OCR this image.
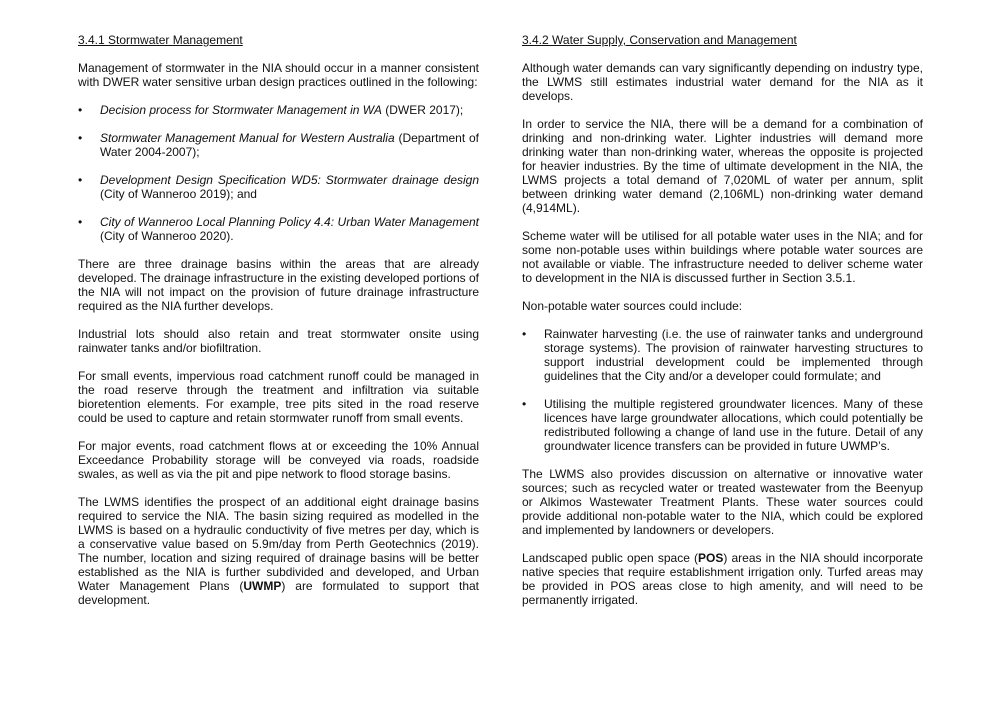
3.4.1 Stormwater Management

Management of stormwater in the NIA should occur in a manner consistent with DWER water sensitive urban design practices outlined in the following:

• Decision process for Stormwater Management in WA (DWER 2017);
• Stormwater Management Manual for Western Australia (Department of Water 2004-2007);
• Development Design Specification WD5: Stormwater drainage design (City of Wanneroo 2019); and
• City of Wanneroo Local Planning Policy 4.4: Urban Water Management (City of Wanneroo 2020).

There are three drainage basins within the areas that are already developed. The drainage infrastructure in the existing developed portions of the NIA will not impact on the provision of future drainage infrastructure required as the NIA further develops.

Industrial lots should also retain and treat stormwater onsite using rainwater tanks and/or biofiltration.

For small events, impervious road catchment runoff could be managed in the road reserve through the treatment and infiltration via suitable bioretention elements. For example, tree pits sited in the road reserve could be used to capture and retain stormwater runoff from small events.

For major events, road catchment flows at or exceeding the 10% Annual Exceedance Probability storage will be conveyed via roads, roadside swales, as well as via the pit and pipe network to flood storage basins.

The LWMS identifies the prospect of an additional eight drainage basins required to service the NIA. The basin sizing required as modelled in the LWMS is based on a hydraulic conductivity of five metres per day, which is a conservative value based on 5.9m/day from Perth Geotechnics (2019). The number, location and sizing required of drainage basins will be better established as the NIA is further subdivided and developed, and Urban Water Management Plans (UWMP) are formulated to support that development.

3.4.2 Water Supply, Conservation and Management

Although water demands can vary significantly depending on industry type, the LWMS still estimates industrial water demand for the NIA as it develops.

In order to service the NIA, there will be a demand for a combination of drinking and non-drinking water. Lighter industries will demand more drinking water than non-drinking water, whereas the opposite is projected for heavier industries. By the time of ultimate development in the NIA, the LWMS projects a total demand of 7,020ML of water per annum, split between drinking water demand (2,106ML) non-drinking water demand (4,914ML).

Scheme water will be utilised for all potable water uses in the NIA; and for some non-potable uses within buildings where potable water sources are not available or viable. The infrastructure needed to deliver scheme water to development in the NIA is discussed further in Section 3.5.1.

Non-potable water sources could include:

• Rainwater harvesting (i.e. the use of rainwater tanks and underground storage systems). The provision of rainwater harvesting structures to support industrial development could be implemented through guidelines that the City and/or a developer could formulate; and
• Utilising the multiple registered groundwater licences. Many of these licences have large groundwater allocations, which could potentially be redistributed following a change of land use in the future. Detail of any groundwater licence transfers can be provided in future UWMP’s.

The LWMS also provides discussion on alternative or innovative water sources; such as recycled water or treated wastewater from the Beenyup or Alkimos Wastewater Treatment Plants. These water sources could provide additional non-potable water to the NIA, which could be explored and implemented by landowners or developers.

Landscaped public open space (POS) areas in the NIA should incorporate native species that require establishment irrigation only. Turfed areas may be provided in POS areas close to high amenity, and will need to be permanently irrigated.
